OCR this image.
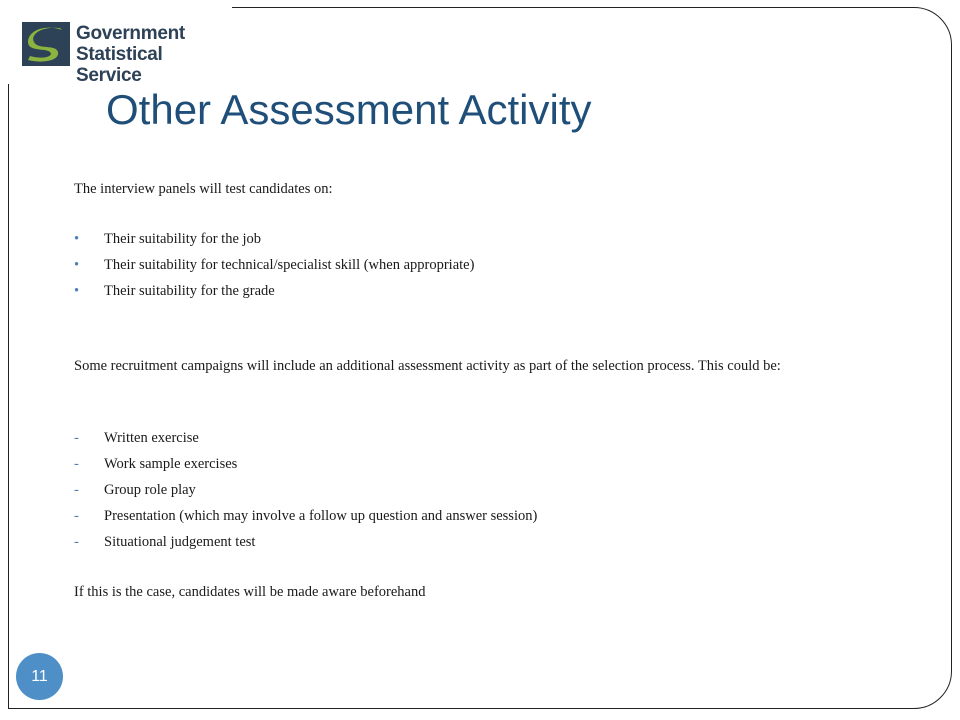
Government
Statistical Service
Other Assessment Activity

The interview panels will test candidates on:

• Their suitability for the job
• Their suitability for technical/specialist skill (when appropriate)
• Their suitability for the grade

Some recruitment campaigns will include an additional assessment activity as part of the selection process. This could be:

- Written exercise
- Work sample exercises
- Group role play
- Presentation (which may involve a follow up question and answer session)
- Situational judgement test

If this is the case, candidates will be made aware beforehand

11
